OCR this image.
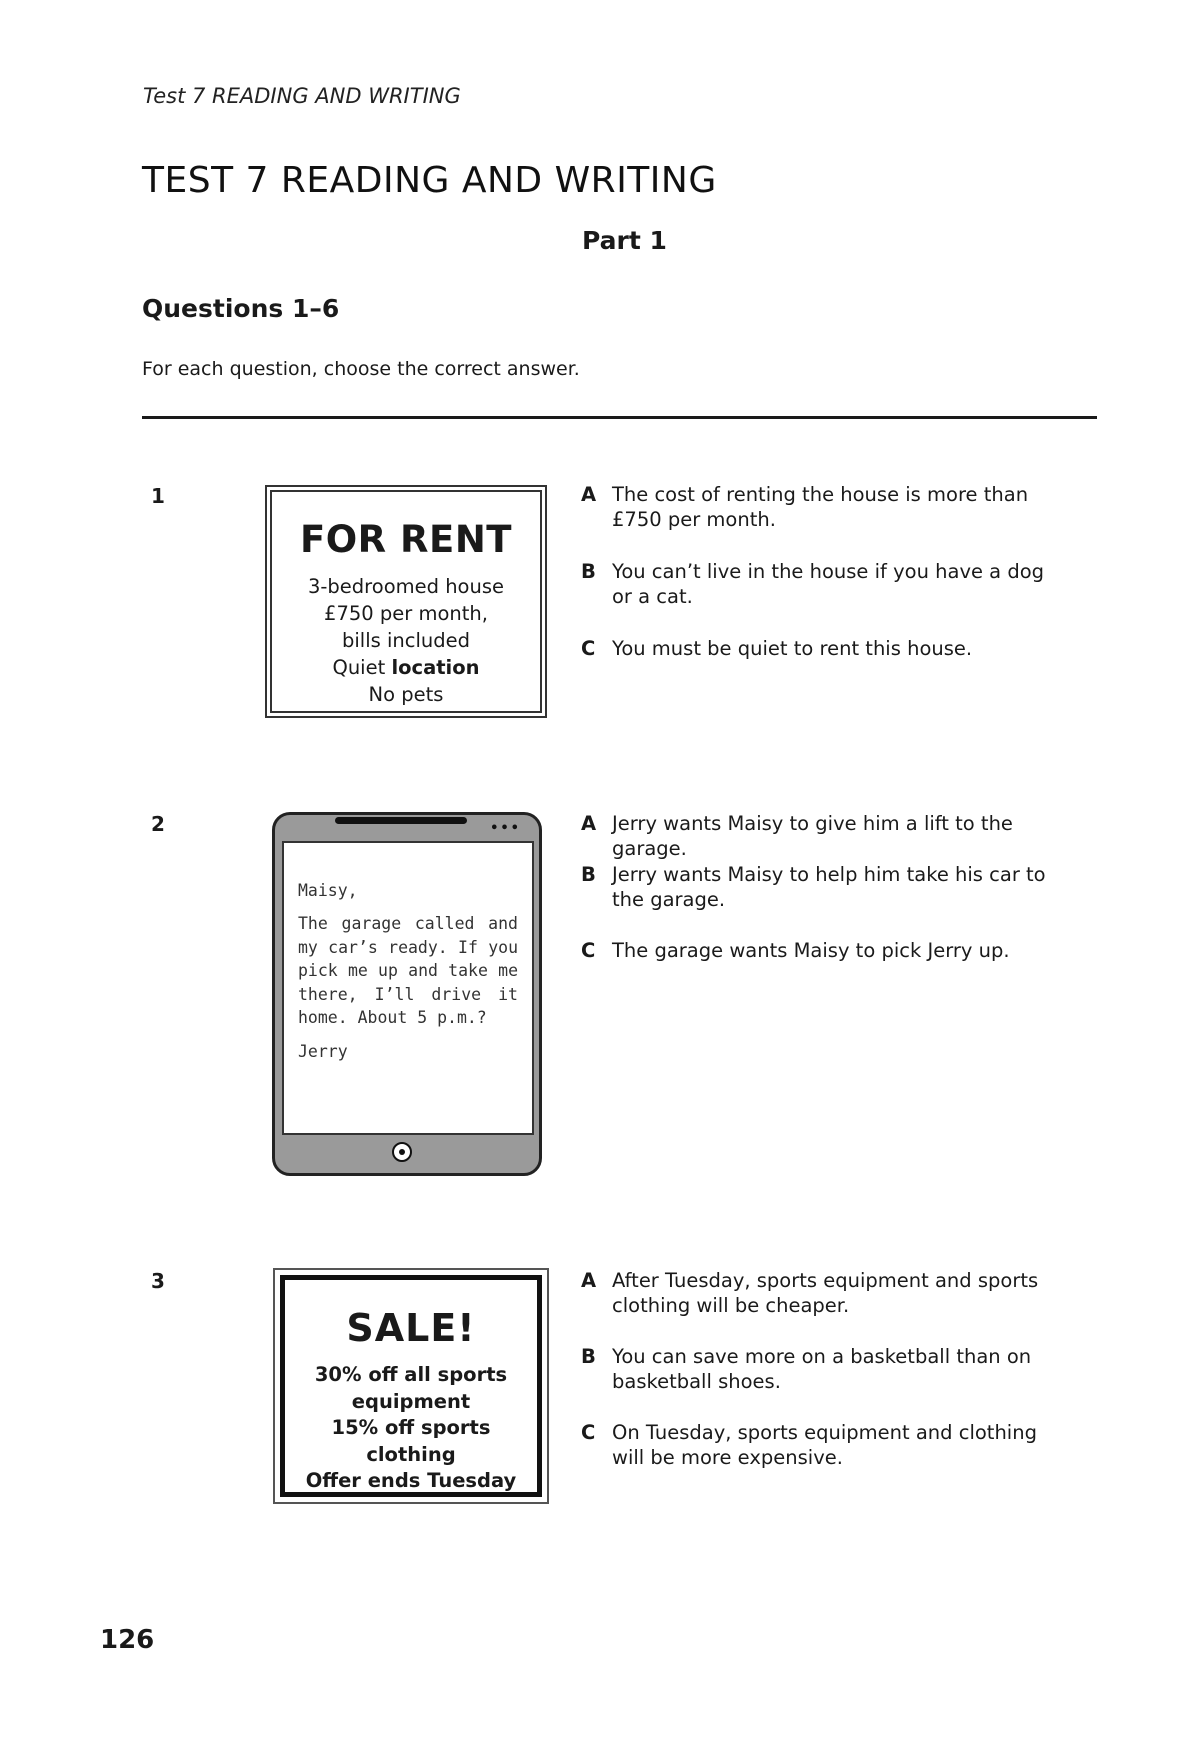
Test 7 READING AND WRITING
TEST 7 READING AND WRITING
Part 1
Questions 1–6
For each question, choose the correct answer.
1
FOR RENT
3-bedroomed house
£750 per month,
bills included
Quiet location
No pets
A The cost of renting the house is more than £750 per month.
B You can’t live in the house if you have a dog or a cat.
C You must be quiet to rent this house.
2	•••
Maisy,
The garage called and my car’s ready. If you pick me up and take me there, I’ll drive it home. About 5 p.m.?
Jerry
A Jerry wants Maisy to give him a lift to the garage.
B Jerry wants Maisy to help him take his car to the garage.
C The garage wants Maisy to pick Jerry up.
3
SALE!
30% off all sports
equipment
15% off sports clothing
Offer ends Tuesday
A After Tuesday, sports equipment and sports clothing will be cheaper.
B You can save more on a basketball than on basketball shoes.
C On Tuesday, sports equipment and clothing will be more expensive.
126
